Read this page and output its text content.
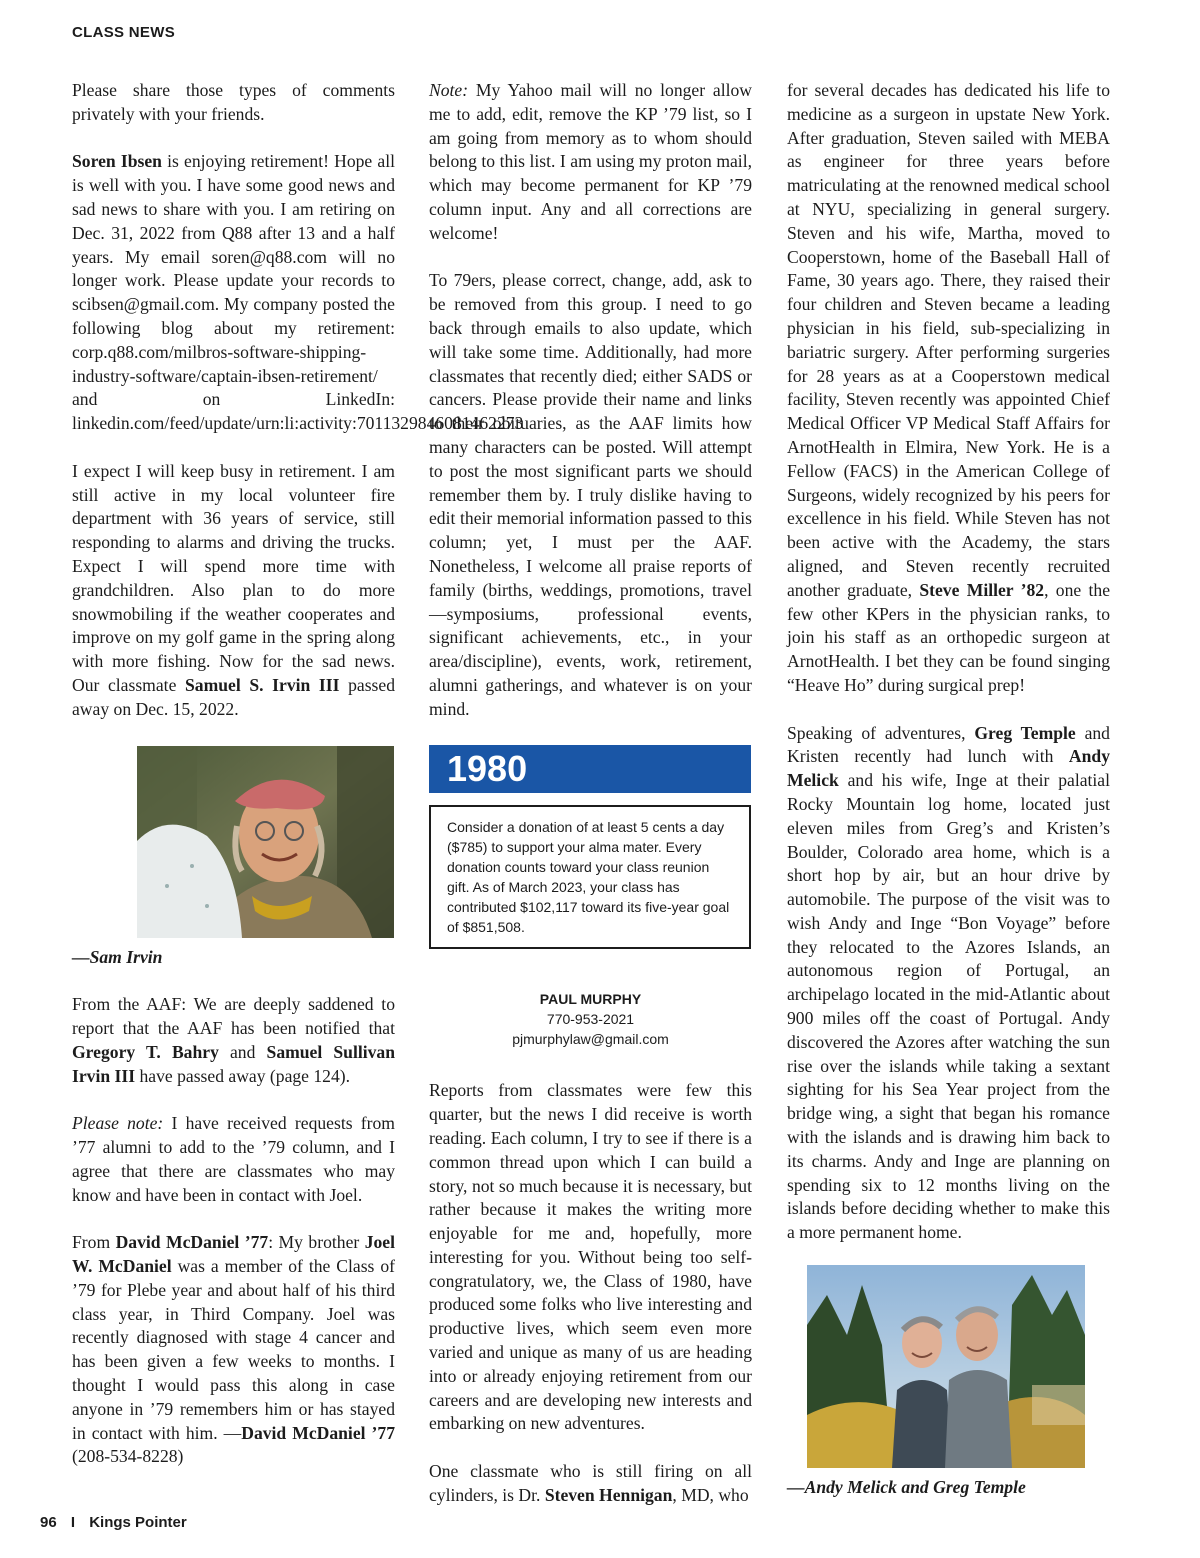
CLASS NEWS

Please share those types of comments privately with your friends.

Soren Ibsen is enjoying retirement! Hope all is well with you. I have some good news and sad news to share with you. I am retiring on Dec. 31, 2022 from Q88 after 13 and a half years. My email soren@q88.com will no longer work. Please update your records to scibsen@gmail.com. My company posted the following blog about my retirement: corp.q88.com/milbros-software-shipping-industry-software/captain-ibsen-retirement/ and on LinkedIn: linkedin.com/feed/update/urn:li:activity:7011329846081462273

I expect I will keep busy in retirement. I am still active in my local volunteer fire department with 36 years of service, still responding to alarms and driving the trucks. Expect I will spend more time with grandchildren. Also plan to do more snowmobiling if the weather cooperates and improve on my golf game in the spring along with more fishing. Now for the sad news. Our classmate Samuel S. Irvin III passed away on Dec. 15, 2022.

—Sam Irvin

From the AAF: We are deeply saddened to report that the AAF has been notified that Gregory T. Bahry and Samuel Sullivan Irvin III have passed away (page 124).

Please note: I have received requests from ’77 alumni to add to the ’79 column, and I agree that there are classmates who may know and have been in contact with Joel.

From David McDaniel ’77: My brother Joel W. McDaniel was a member of the Class of ’79 for Plebe year and about half of his third class year, in Third Company. Joel was recently diagnosed with stage 4 cancer and has been given a few weeks to months. I thought I would pass this along in case anyone in ’79 remembers him or has stayed in contact with him. —David McDaniel ’77 (208-534-8228)

Note: My Yahoo mail will no longer allow me to add, edit, remove the KP ’79 list, so I am going from memory as to whom should belong to this list. I am using my proton mail, which may become permanent for KP ’79 column input. Any and all corrections are welcome!

To 79ers, please correct, change, add, ask to be removed from this group. I need to go back through emails to also update, which will take some time. Additionally, had more classmates that recently died; either SADS or cancers. Please provide their name and links to their obituaries, as the AAF limits how many characters can be posted. Will attempt to post the most significant parts we should remember them by. I truly dislike having to edit their memorial information passed to this column; yet, I must per the AAF. Nonetheless, I welcome all praise reports of family (births, weddings, promotions, travel—symposiums, professional events, significant achievements, etc., in your area/discipline), events, work, retirement, alumni gatherings, and whatever is on your mind.

1980
Consider a donation of at least 5 cents a day ($785) to support your alma mater. Every donation counts toward your class reunion gift. As of March 2023, your class has contributed $102,117 toward its five-year goal of $851,508.
PAUL MURPHY
770-953-2021
pjmurphylaw@gmail.com

Reports from classmates were few this quarter, but the news I did receive is worth reading. Each column, I try to see if there is a common thread upon which I can build a story, not so much because it is necessary, but rather because it makes the writing more enjoyable for me and, hopefully, more interesting for you. Without being too self-congratulatory, we, the Class of 1980, have produced some folks who live interesting and productive lives, which seem even more varied and unique as many of us are heading into or already enjoying retirement from our careers and are developing new interests and embarking on new adventures.

One classmate who is still firing on all cylinders, is Dr. Steven Hennigan, MD, who

for several decades has dedicated his life to medicine as a surgeon in upstate New York. After graduation, Steven sailed with MEBA as engineer for three years before matriculating at the renowned medical school at NYU, specializing in general surgery. Steven and his wife, Martha, moved to Cooperstown, home of the Baseball Hall of Fame, 30 years ago. There, they raised their four children and Steven became a leading physician in his field, sub-specializing in bariatric surgery. After performing surgeries for 28 years as at a Cooperstown medical facility, Steven recently was appointed Chief Medical Officer VP Medical Staff Affairs for ArnotHealth in Elmira, New York. He is a Fellow (FACS) in the American College of Surgeons, widely recognized by his peers for excellence in his field. While Steven has not been active with the Academy, the stars aligned, and Steven recently recruited another graduate, Steve Miller ’82, one the few other KPers in the physician ranks, to join his staff as an orthopedic surgeon at ArnotHealth. I bet they can be found singing “Heave Ho” during surgical prep!

Speaking of adventures, Greg Temple and Kristen recently had lunch with Andy Melick and his wife, Inge at their palatial Rocky Mountain log home, located just eleven miles from Greg’s and Kristen’s Boulder, Colorado area home, which is a short hop by air, but an hour drive by automobile. The purpose of the visit was to wish Andy and Inge “Bon Voyage” before they relocated to the Azores Islands, an autonomous region of Portugal, an archipelago located in the mid-Atlantic about 900 miles off the coast of Portugal. Andy discovered the Azores after watching the sun rise over the islands while taking a sextant sighting for his Sea Year project from the bridge wing, a sight that began his romance with the islands and is drawing him back to its charms. Andy and Inge are planning on spending six to 12 months living on the islands before deciding whether to make this a more permanent home.

—Andy Melick and Greg Temple
96 I Kings Pointer
